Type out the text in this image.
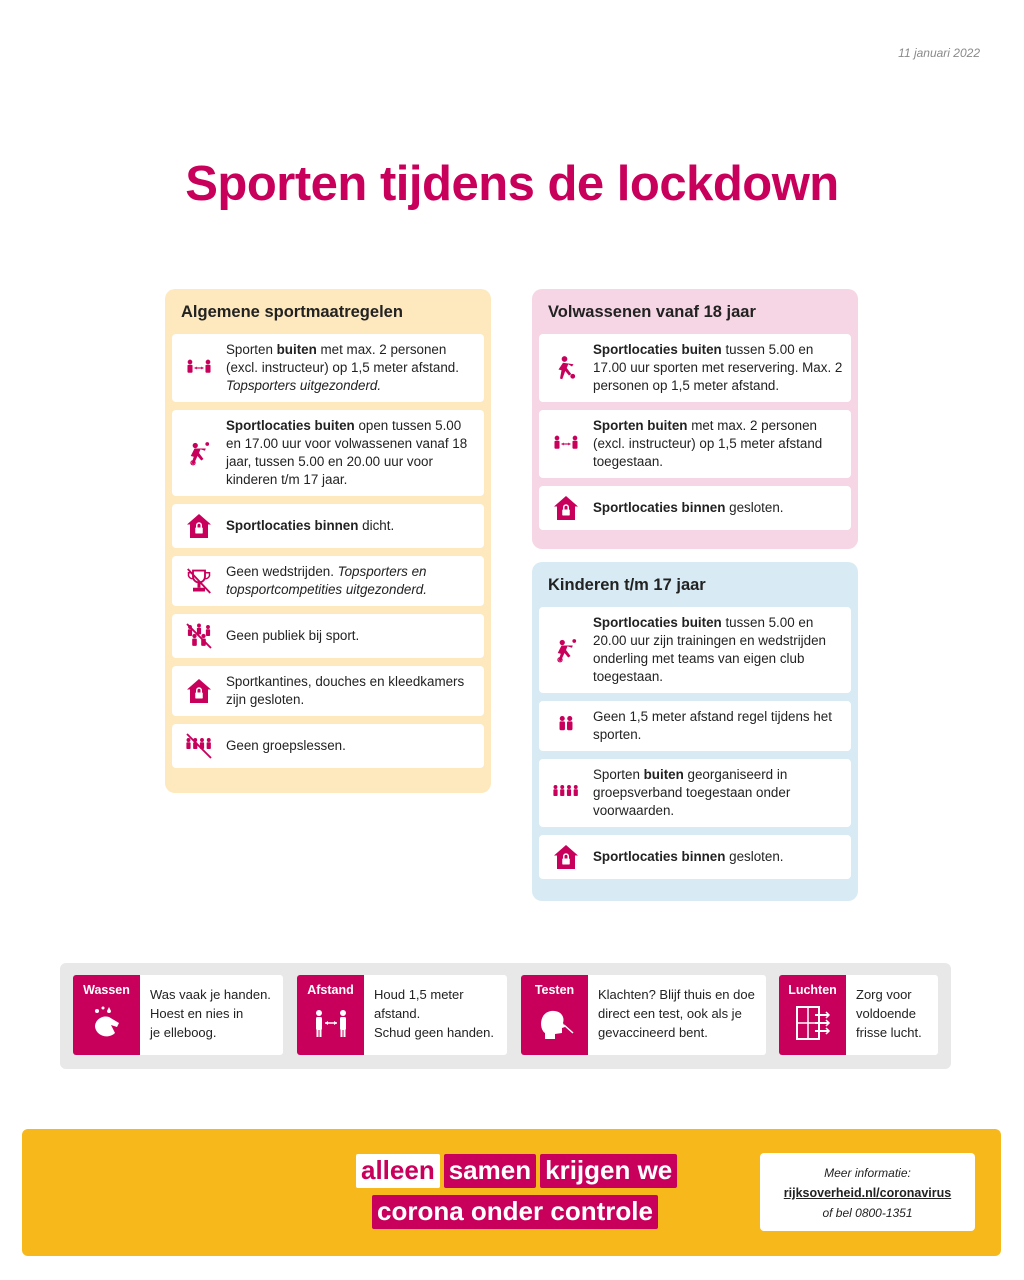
11 januari 2022
Sporten tijdens de lockdown
Algemene sportmaatregelen
Sporten buiten met max. 2 personen (excl. instructeur) op 1,5 meter afstand.
Topsporters uitgezonderd.
Sportlocaties buiten open tussen 5.00 en 17.00 uur voor volwassenen vanaf 18 jaar, tussen 5.00 en 20.00 uur voor kinderen t/m 17 jaar.
Sportlocaties binnen dicht.
Geen wedstrijden. Topsporters en topsportcompetities uitgezonderd.
Geen publiek bij sport.
Sportkantines, douches en kleedkamers zijn gesloten.
Geen groepslessen.
Volwassenen vanaf 18 jaar
Sportlocaties buiten tussen 5.00 en 17.00 uur sporten met reservering. Max. 2 personen op 1,5 meter afstand.
Sporten buiten met max. 2 personen (excl. instructeur) op 1,5 meter afstand toegestaan.
Sportlocaties binnen gesloten.
Kinderen t/m 17 jaar
Sportlocaties buiten tussen 5.00 en 20.00 uur zijn trainingen en wedstrijden onderling met teams van eigen club toegestaan.
Geen 1,5 meter afstand regel tijdens het sporten.
Sporten buiten georganiseerd in groepsverband toegestaan onder voorwaarden.
Sportlocaties binnen gesloten.
Wassen Was vaak je handen.
Hoest en nies in
je elleboog.
Afstand Houd 1,5 meter
afstand.
Schud geen handen.
Testen Klachten? Blijf thuis en doe
direct een test, ook als je
gevaccineerd bent.
Luchten Zorg voor
voldoende
frisse lucht.
alleen samen krijgen we
corona onder controle
Meer informatie:
rijksoverheid.nl/coronavirus
of bel 0800-1351
